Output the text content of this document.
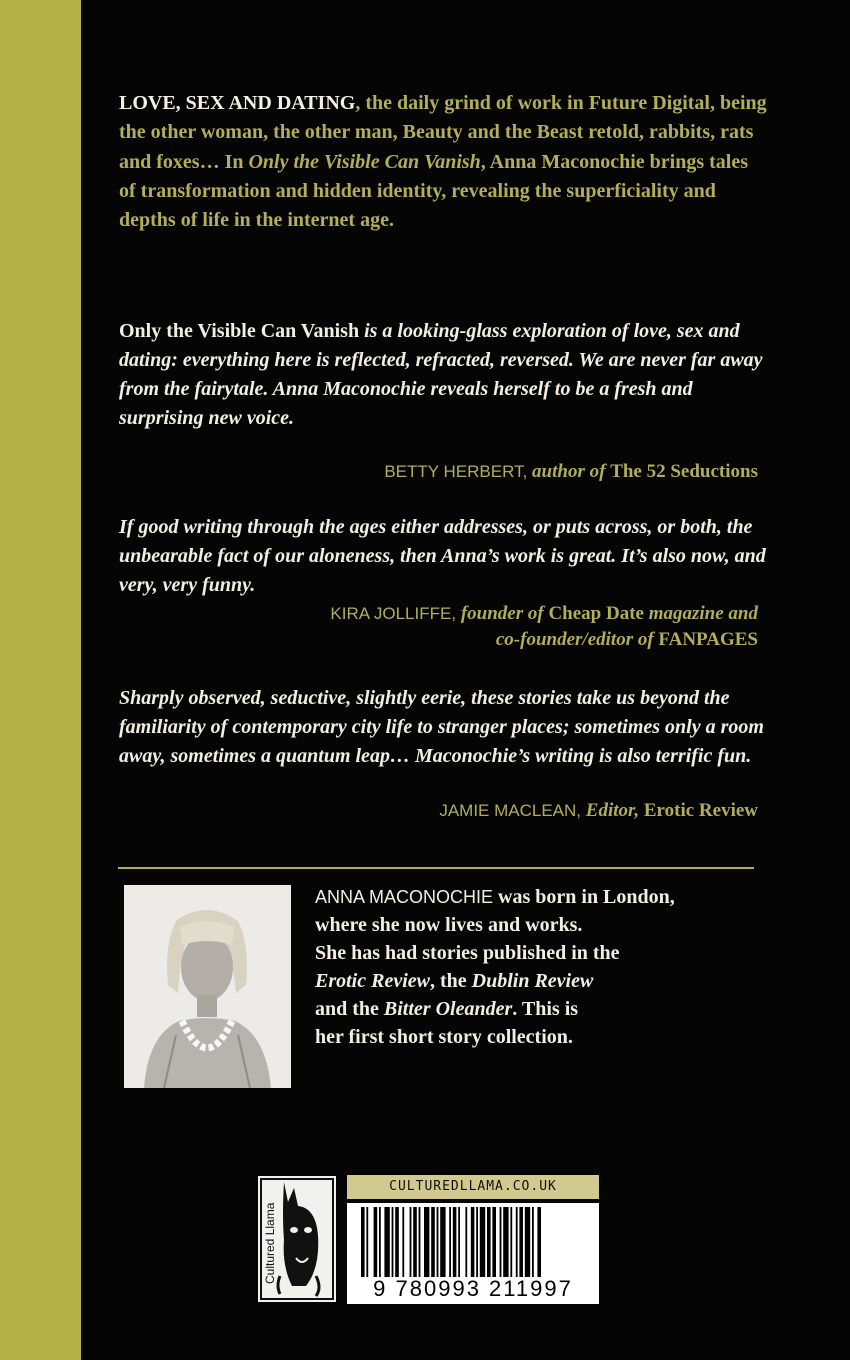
LOVE, SEX AND DATING, the daily grind of work in Future Digital, being the other woman, the other man, Beauty and the Beast retold, rabbits, rats and foxes… In Only the Visible Can Vanish, Anna Maconochie brings tales of transformation and hidden identity, revealing the superficiality and depths of life in the internet age.
Only the Visible Can Vanish is a looking-glass exploration of love, sex and dating: everything here is reflected, refracted, reversed. We are never far away from the fairytale. Anna Maconochie reveals herself to be a fresh and surprising new voice.
BETTY HERBERT, author of The 52 Seductions
If good writing through the ages either addresses, or puts across, or both, the unbearable fact of our aloneness, then Anna’s work is great. It’s also now, and very, very funny.
KIRA JOLLIFFE, founder of Cheap Date magazine and
co-founder/editor of FANPAGES
Sharply observed, seductive, slightly eerie, these stories take us beyond the familiarity of contemporary city life to stranger places; sometimes only a room away, sometimes a quantum leap… Maconochie’s writing is also terrific fun.
JAMIE MACLEAN, Editor, Erotic Review
ANNA MACONOCHIE was born in London,
where she now lives and works.
She has had stories published in the
Erotic Review, the Dublin Review
and the Bitter Oleander. This is
her first short story collection.
Cultured Llama
CULTUREDLLAMA.CO.UK
9 780993 211997
